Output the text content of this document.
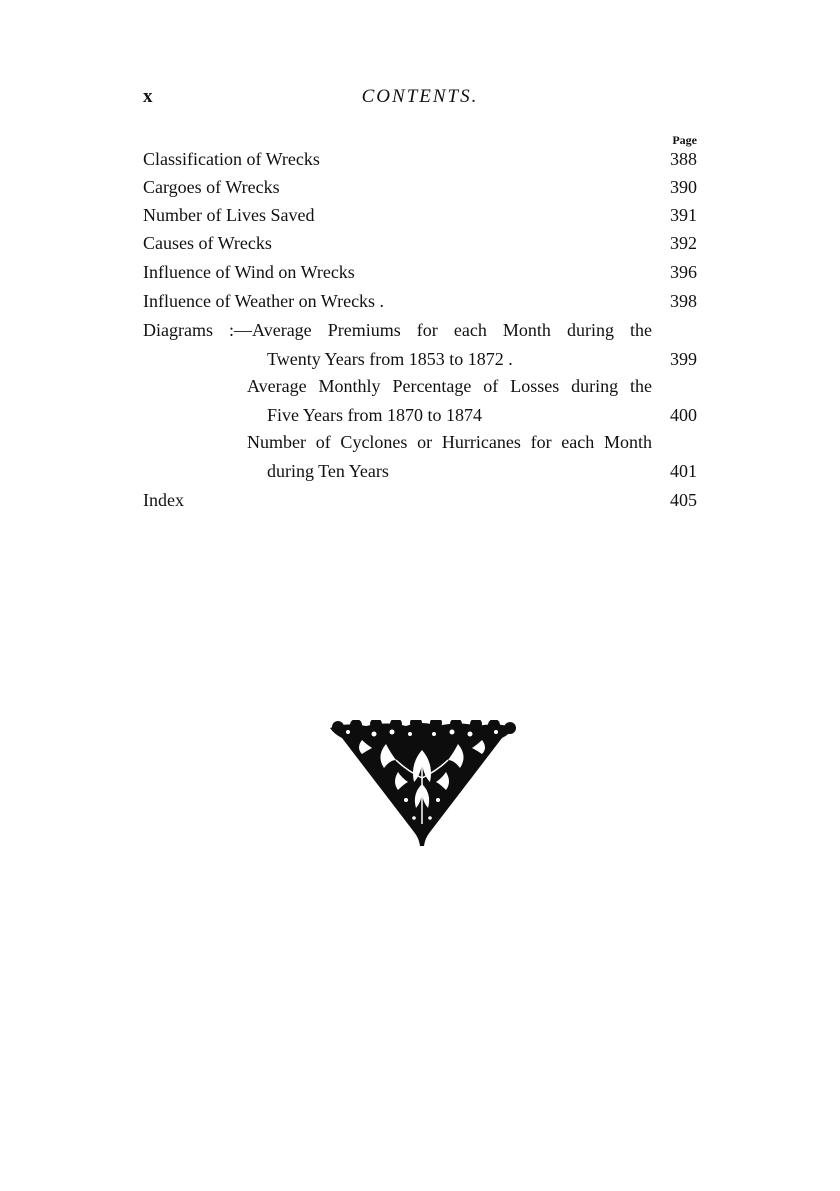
x	CONTENTS.
Page
Classification of Wrecks	388
Cargoes of Wrecks	390
Number of Lives Saved	391
Causes of Wrecks	392
Influence of Wind on Wrecks	396
Influence of Weather on Wrecks .	398
Diagrams :—Average Premiums for each Month during the
Twenty Years from 1853 to 1872 .	399
Average Monthly Percentage of Losses during the
Five Years from 1870 to 1874	400
Number of Cyclones or Hurricanes for each Month
during Ten Years	401
Index	405
